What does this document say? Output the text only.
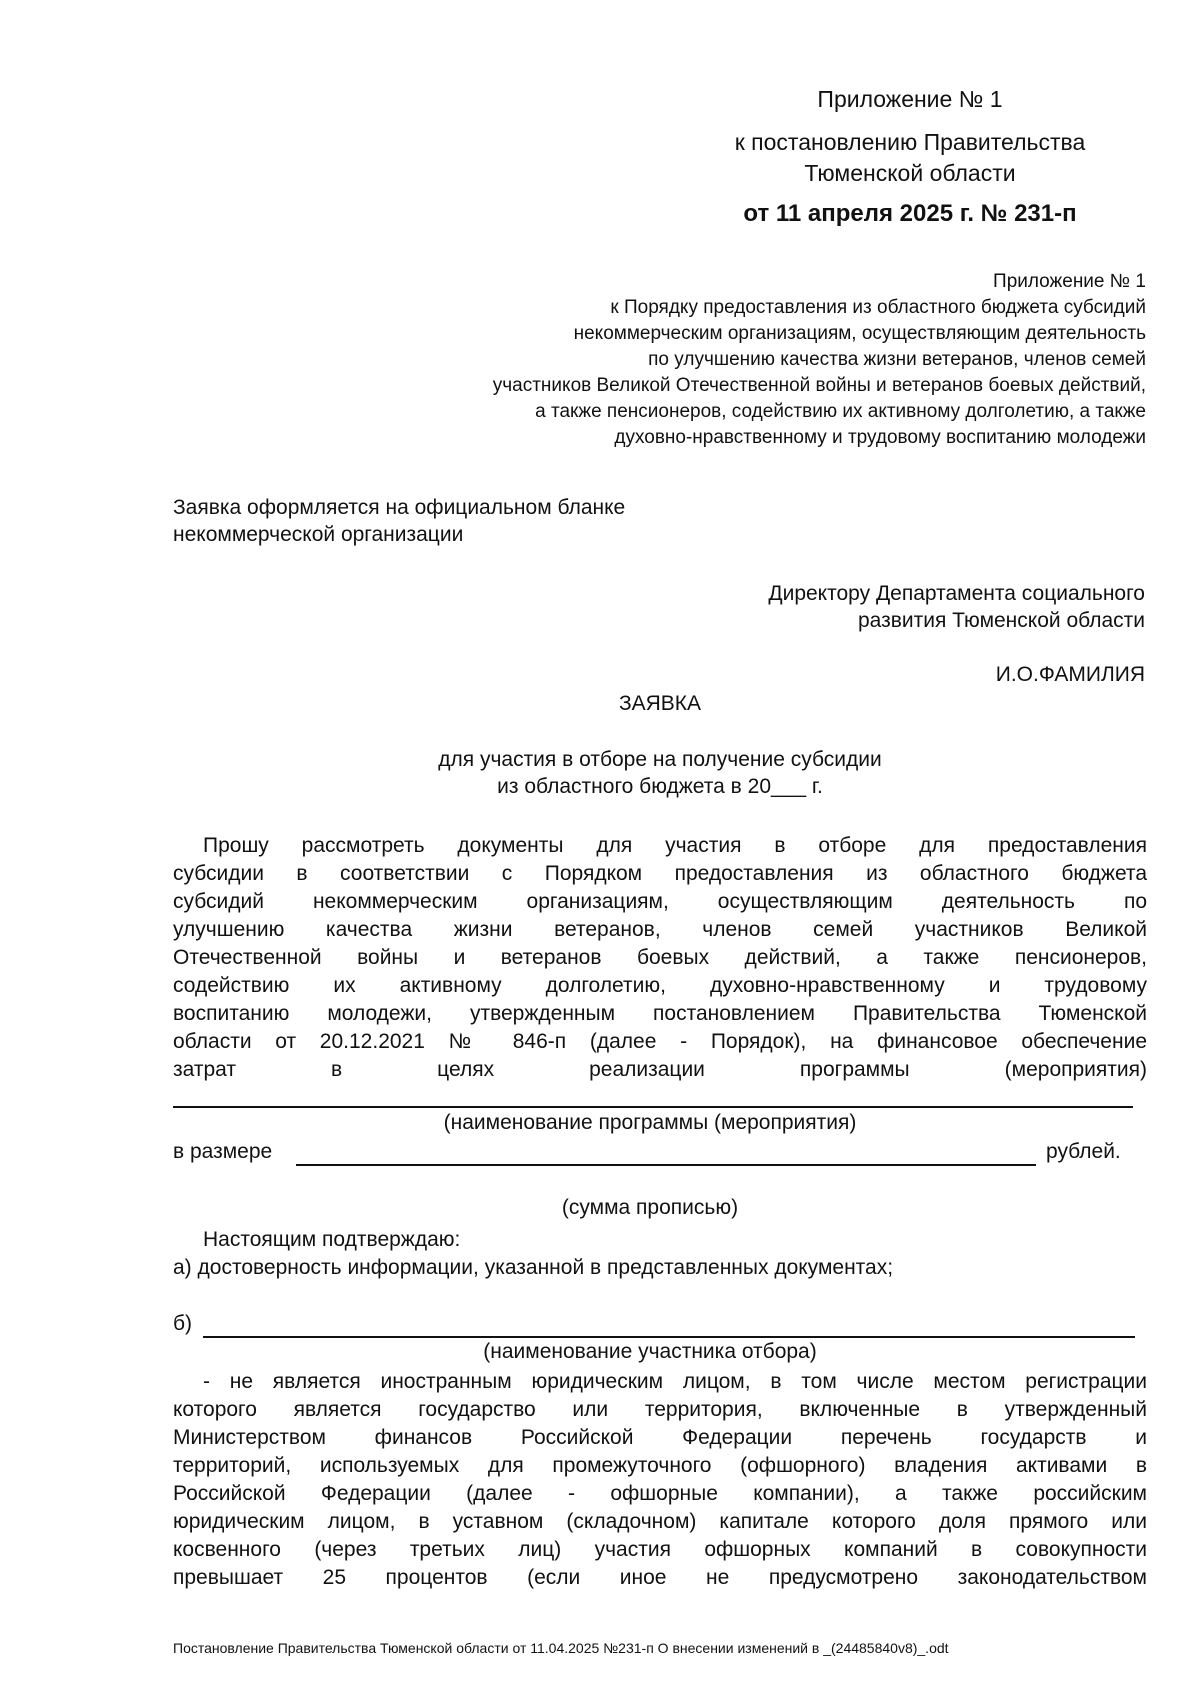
Приложение № 1
к постановлению Правительства
Тюменской области
от 11 апреля 2025 г. № 231-п
Приложение № 1
к Порядку предоставления из областного бюджета субсидий
некоммерческим организациям, осуществляющим деятельность
по улучшению качества жизни ветеранов, членов семей
участников Великой Отечественной войны и ветеранов боевых действий,
а также пенсионеров, содействию их активному долголетию, а также
духовно-нравственному и трудовому воспитанию молодежи
Заявка оформляется на официальном бланке
некоммерческой организации
Директору Департамента социального
развития Тюменской области
И.О.ФАМИЛИЯ
ЗАЯВКА
для участия в отборе на получение субсидии
из областного бюджета в 20___ г.
Прошу рассмотреть документы для участия в отборе для предоставления
субсидии в соответствии с Порядком предоставления из областного бюджета
субсидий некоммерческим организациям, осуществляющим деятельность по
улучшению качества жизни ветеранов, членов семей участников Великой
Отечественной войны и ветеранов боевых действий, а также пенсионеров,
содействию их активному долголетию, духовно-нравственному и трудовому
воспитанию молодежи, утвержденным постановлением Правительства Тюменской
области от 20.12.2021 № 846-п (далее - Порядок), на финансовое обеспечение
затрат в целях реализации программы (мероприятия)
(наименование программы (мероприятия)
в размере	рублей.
(сумма прописью)
Настоящим подтверждаю:
а) достоверность информации, указанной в представленных документах;
б)
(наименование участника отбора)
- не является иностранным юридическим лицом, в том числе местом регистрации
которого является государство или территория, включенные в утвержденный
Министерством финансов Российской Федерации перечень государств и
территорий, используемых для промежуточного (офшорного) владения активами в
Российской Федерации (далее - офшорные компании), а также российским
юридическим лицом, в уставном (складочном) капитале которого доля прямого или
косвенного (через третьих лиц) участия офшорных компаний в совокупности
превышает 25 процентов (если иное не предусмотрено законодательством
Постановление Правительства Тюменской области от 11.04.2025 №231-п О внесении изменений в _(24485840v8)_.odt
